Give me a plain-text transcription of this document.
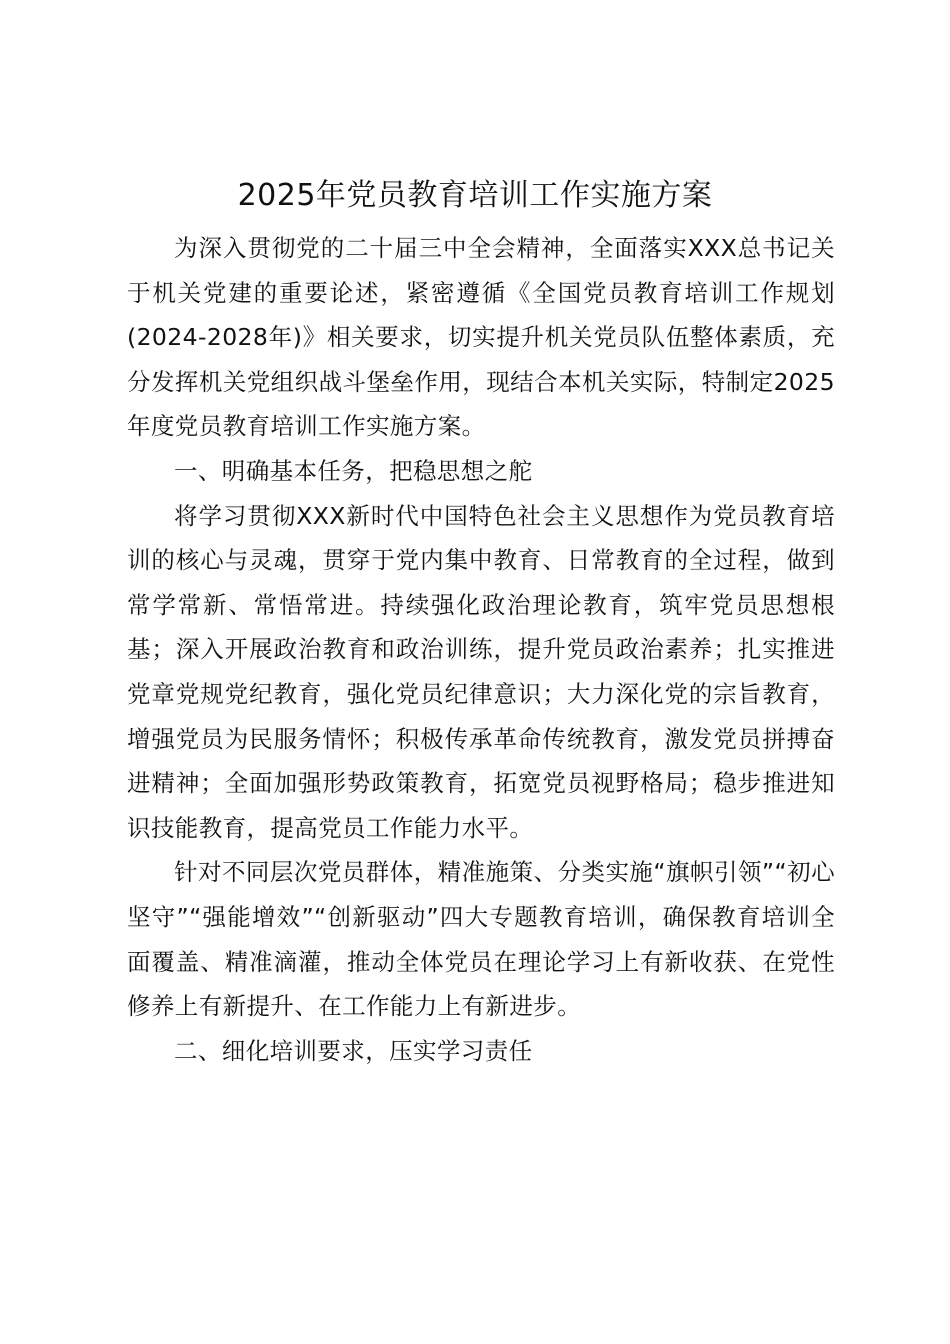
2025年党员教育培训工作实施方案

为深入贯彻党的二十届三中全会精神，全面落实XXX总书记关于机关党建的重要论述，紧密遵循《全国党员教育培训工作规划(2024-2028年)》相关要求，切实提升机关党员队伍整体素质，充分发挥机关党组织战斗堡垒作用，现结合本机关实际，特制定2025年度党员教育培训工作实施方案。

一、明确基本任务，把稳思想之舵

将学习贯彻XXX新时代中国特色社会主义思想作为党员教育培训的核心与灵魂，贯穿于党内集中教育、日常教育的全过程，做到常学常新、常悟常进。持续强化政治理论教育，筑牢党员思想根基；深入开展政治教育和政治训练，提升党员政治素养；扎实推进党章党规党纪教育，强化党员纪律意识；大力深化党的宗旨教育，增强党员为民服务情怀；积极传承革命传统教育，激发党员拼搏奋进精神；全面加强形势政策教育，拓宽党员视野格局；稳步推进知识技能教育，提高党员工作能力水平。

针对不同层次党员群体，精准施策、分类实施“旗帜引领”“初心坚守”“强能增效”“创新驱动”四大专题教育培训，确保教育培训全面覆盖、精准滴灌，推动全体党员在理论学习上有新收获、在党性修养上有新提升、在工作能力上有新进步。

二、细化培训要求，压实学习责任
